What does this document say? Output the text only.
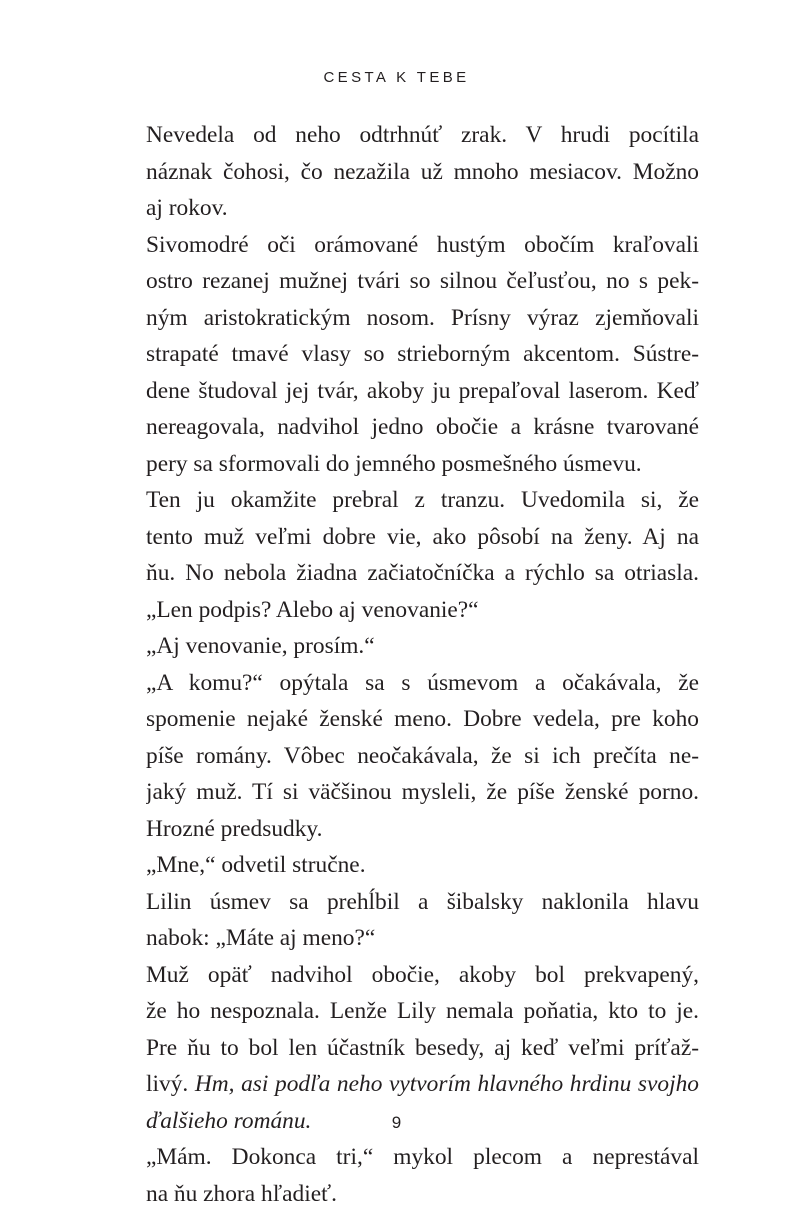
CESTA K TEBE
Nevedela od neho odtrhnúť zrak. V hrudi pocítila
náznak čohosi, čo nezažila už mnoho mesiacov. Možno
aj rokov.
Sivomodré oči orámované hustým obočím kraľovali
ostro rezanej mužnej tvári so silnou čeľusťou, no s pek-
ným aristokratickým nosom. Prísny výraz zjemňovali
strapaté tmavé vlasy so strieborným akcentom. Sústre-
dene študoval jej tvár, akoby ju prepaľoval laserom. Keď
nereagovala, nadvihol jedno obočie a krásne tvarované
pery sa sformovali do jemného posmešného úsmevu.
Ten ju okamžite prebral z tranzu. Uvedomila si, že
tento muž veľmi dobre vie, ako pôsobí na ženy. Aj na
ňu. No nebola žiadna začiatočníčka a rýchlo sa otriasla.
„Len podpis? Alebo aj venovanie?“
„Aj venovanie, prosím.“
„A komu?“ opýtala sa s úsmevom a očakávala, že
spomenie nejaké ženské meno. Dobre vedela, pre koho
píše romány. Vôbec neočakávala, že si ich prečíta ne-
jaký muž. Tí si väčšinou mysleli, že píše ženské porno.
Hrozné predsudky.
„Mne,“ odvetil stručne.
Lilin úsmev sa prehĺbil a šibalsky naklonila hlavu
nabok: „Máte aj meno?“
Muž opäť nadvihol obočie, akoby bol prekvapený,
že ho nespoznala. Lenže Lily nemala poňatia, kto to je.
Pre ňu to bol len účastník besedy, aj keď veľmi príťaž-
livý. Hm, asi podľa neho vytvorím hlavného hrdinu svojho
ďalšieho románu.
„Mám. Dokonca tri,“ mykol plecom a neprestával
na ňu zhora hľadieť.
9
